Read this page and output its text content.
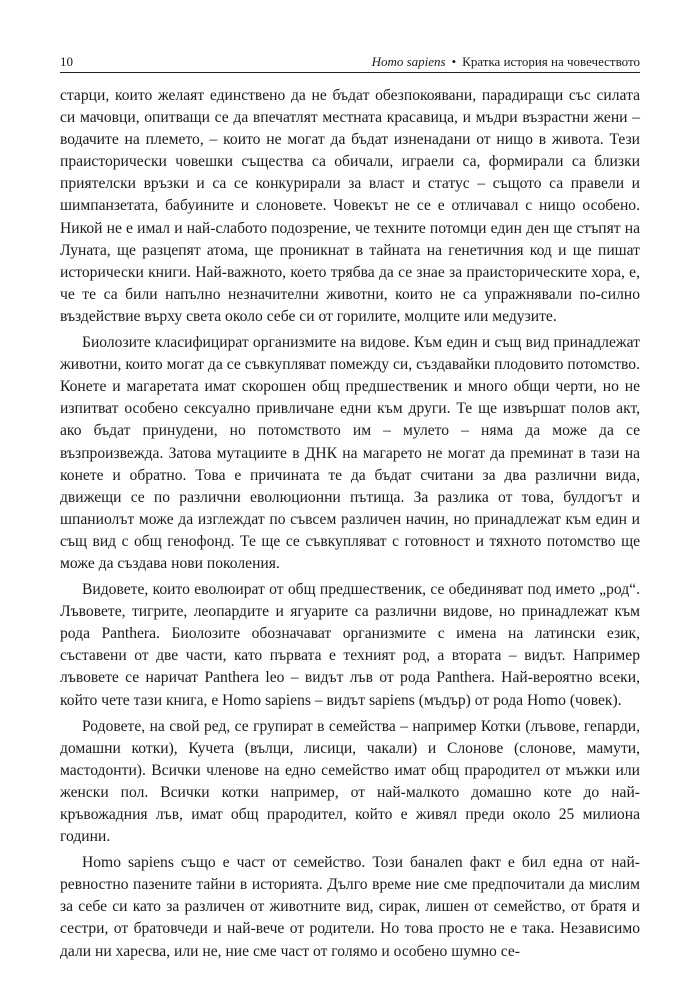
10	Homo sapiens • Кратка история на човечеството

старци, които желаят единствено да не бъдат обезпокоявани, парадиращи със силата си мачовци, опитващи се да впечатлят местната красавица, и мъдри възрастни жени – водачите на племето, – които не могат да бъдат изненадани от нищо в живота. Тези праисторически човешки същества са обичали, играели са, формирали са близки приятелски връзки и са се конкурирали за власт и статус – същото са правели и шимпанзетата, бабуините и слоновете. Човекът не се е отличавал с нищо особено. Никой не е имал и най-слабото подозрение, че техните потомци един ден ще стъпят на Луната, ще разцепят атома, ще проникнат в тайната на генетичния код и ще пишат исторически книги. Най-важното, което трябва да се знае за праисторическите хора, е, че те са били напълно незначителни животни, които не са упражнявали по-силно въздействие върху света около себе си от горилите, молците или медузите.

Биолозите класифицират организмите на видове. Към един и същ вид принадлежат животни, които могат да се съвкупляват помежду си, създавайки плодовито потомство. Конете и магаретата имат скорошен общ предшественик и много общи черти, но не изпитват особено сексуално привличане едни към други. Те ще извършат полов акт, ако бъдат принудени, но потомството им – мулето – няма да може да се възпроизвежда. Затова мутациите в ДНК на магарето не могат да преминат в тази на конете и обратно. Това е причината те да бъдат считани за два различни вида, движещи се по различни еволюционни пътища. За разлика от това, булдогът и шпаниолът може да изглеждат по съвсем различен начин, но принадлежат към един и същ вид с общ генофонд. Те ще се съвкупляват с готовност и тяхното потомство ще може да създава нови поколения.

Видовете, които еволюират от общ предшественик, се обединяват под името „род“. Лъвовете, тигрите, леопардите и ягуарите са различни видове, но принадлежат към рода Panthera. Биолозите обозначават организмите с имена на латински език, съставени от две части, като първата е техният род, а втората – видът. Например лъвовете се наричат Panthera leo – видът лъв от рода Panthera. Най-вероятно всеки, който чете тази книга, е Homo sapiens – видът sapiens (мъдър) от рода Homo (човек).

Родовете, на свой ред, се групират в семейства – например Котки (лъвове, гепарди, домашни котки), Кучета (вълци, лисици, чакали) и Слонове (слонове, мамути, мастодонти). Всички членове на едно семейство имат общ прародител от мъжки или женски пол. Всички котки например, от най-малкото домашно коте до най-кръвожадния лъв, имат общ прародител, който е живял преди около 25 милиона години.

Homo sapiens също е част от семейство. Този баналеn факт е бил една от най-ревностно пазените тайни в историята. Дълго време ние сме предпочитали да мислим за себе си като за различен от животните вид, сирак, лишен от семейство, от братя и сестри, от братовчеди и най-вече от родители. Но това просто не е така. Независимо дали ни харесва, или не, ние сме част от голямо и особено шумно се-
